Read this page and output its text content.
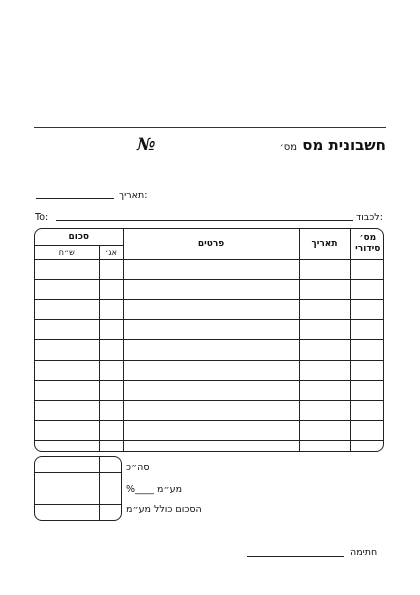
חשבונית מס מס׳
№
תאריך:
To:	לכבוד:
סכום		פרטים	תאריך	מס׳
סידורי

ש״ח	אג׳			

סה״כ
מע״מ ____%
הסכום כולל מע״מ
חתימה
